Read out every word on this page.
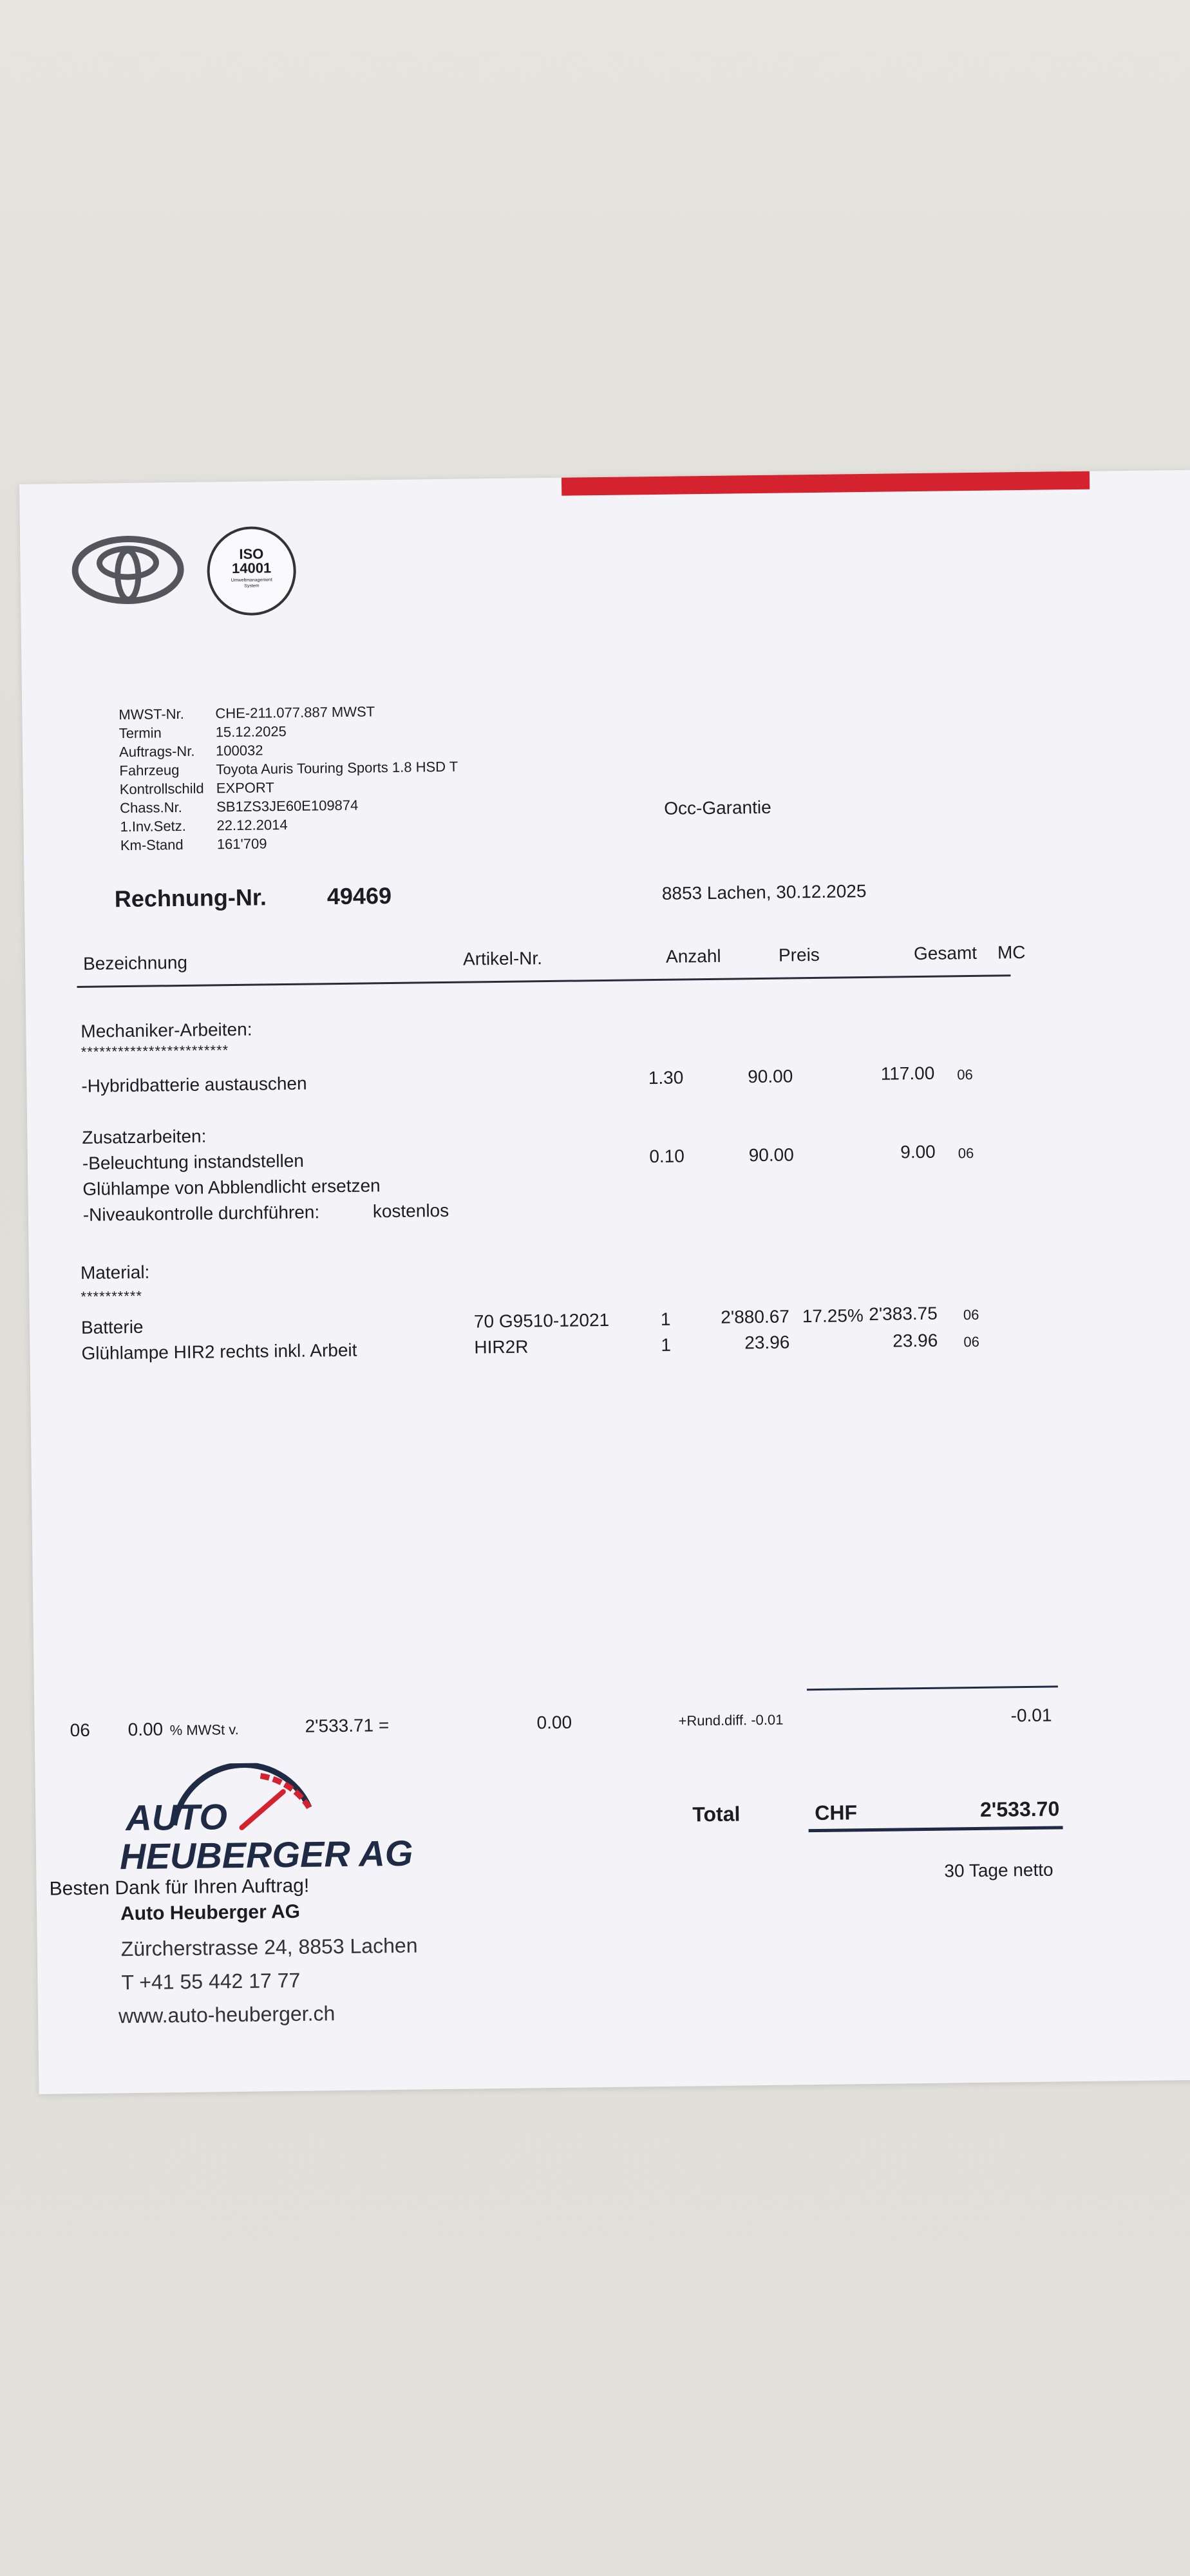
ISO
14001
Umweltmanagement
System
MWST-Nr. CHE-211.077.887 MWST
Termin	15.12.2025
Auftrags-Nr. 100032
Fahrzeug	Toyota Auris Touring Sports 1.8 HSD T
Kontrollschild EXPORT
Chass.Nr. SB1ZS3JE60E109874
1.Inv.Setz. 22.12.2014
Km-Stand 161'709
Occ-Garantie
Rechnung-Nr.	49469	8853 Lachen, 30.12.2025
Bezeichnung	Artikel-Nr.	Anzahl	Preis	Gesamt MC
Mechaniker-Arbeiten:
************************
-Hybridbatterie austauschen	1.30	90.00	117.00 06
Zusatzarbeiten:
-Beleuchtung instandstellen	0.10	90.00	9.00 06
Glühlampe von Abblendlicht ersetzen
-Niveaukontrolle durchführen:	kostenlos
Material:
**********
Batterie	70 G9510-12021	1	2'880.67 17.25% 2'383.75 06
Glühlampe HIR2 rechts inkl. Arbeit	HIR2R	1	23.96	23.96 06
06 0.00 % MWSt v.	2'533.71 =	0.00	+Rund.diff. -0.01	-0.01
AUTO
HEUBERGER AG
Total	CHF	2'533.70
30 Tage netto
Besten Dank für Ihren Auftrag!
Auto Heuberger AG
Zürcherstrasse 24, 8853 Lachen
T +41 55 442 17 77
www.auto-heuberger.ch
